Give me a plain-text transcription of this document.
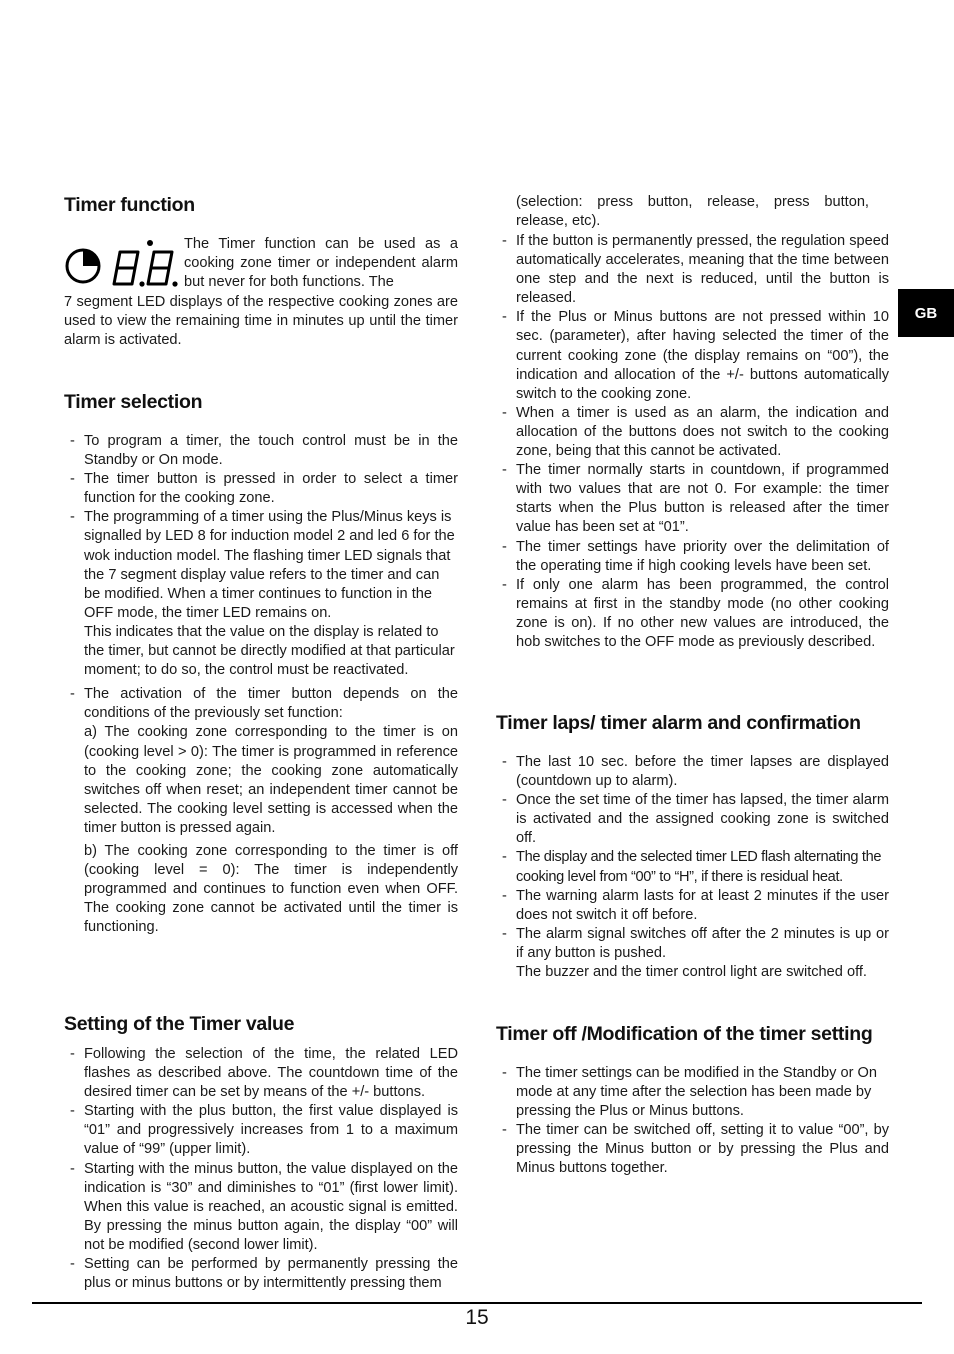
Timer function

The Timer function can be used as a cooking zone timer or independent alarm but never for both functions. The

7 segment LED displays of the respective cooking zones are used to view the remaining time in minutes up until the timer alarm is activated.

Timer selection

- To program a timer, the touch control must be in the Standby or On mode.

- The timer button is pressed in order to select a timer function for the cooking zone.

- The programming of a timer using the Plus/Minus keys is signalled by LED 8 for induction model 2 and led 6 for the wok induction model. The flashing timer LED signals that the 7 segment display value refers to the timer and can be modified. When a timer continues to function in the OFF mode, the timer LED remains on.

This indicates that the value on the display is related to the timer, but cannot be directly modified at that particular moment; to do so, the control must be reactivated.

- The activation of the timer button depends on the conditions of the previously set function:

a) The cooking zone corresponding to the timer is on (cooking level > 0): The timer is programmed in reference to the cooking zone; the cooking zone automatically switches off when reset; an independent timer cannot be selected. The cooking level setting is accessed when the timer button is pressed again.

b) The cooking zone corresponding to the timer is off (cooking level = 0): The timer is independently programmed and continues to function even when OFF. The cooking zone cannot be activated until the timer is functioning.

Setting of the Timer value

- Following the selection of the time, the related LED flashes as described above. The countdown time of the desired timer can be set by means of the +/- buttons.

- Starting with the plus button, the first value displayed is “01” and progressively increases from 1 to a maximum value of “99” (upper limit).

- Starting with the minus button, the value displayed on the indication is “30” and diminishes to “01” (first lower limit). When this value is reached, an acoustic signal is emitted. By pressing the minus button again, the display “00” will not be modified (second lower limit).

- Setting can be performed by permanently pressing the plus or minus buttons or by intermittently pressing them

(selection: press button, release, press button, release, etc).

- If the button is permanently pressed, the regulation speed automatically accelerates, meaning that the time between one step and the next is reduced, until the button is released.

- If the Plus or Minus buttons are not pressed within 10 sec. (parameter), after having selected the timer of the current cooking zone (the display remains on “00”), the indication and allocation of the +/- buttons automatically switch to the cooking zone.

- When a timer is used as an alarm, the indication and allocation of the buttons does not switch to the cooking zone, being that this cannot be activated.

- The timer normally starts in countdown, if programmed with two values that are not 0. For example: the timer starts when the Plus button is released after the timer value has been set at “01”.

- The timer settings have priority over the delimitation of the operating time if high cooking levels have been set.

- If only one alarm has been programmed, the control remains at first in the standby mode (no other cooking zone is on). If no other new values are introduced, the hob switches to the OFF mode as previously described.

Timer laps/ timer alarm and confirmation

- The last 10 sec. before the timer lapses are displayed (countdown up to alarm).

- Once the set time of the timer has lapsed, the timer alarm is activated and the assigned cooking zone is switched off.

- The display and the selected timer LED flash alternating the cooking level from “00” to “H”, if there is residual heat.

- The warning alarm lasts for at least 2 minutes if the user does not switch it off before.

- The alarm signal switches off after the 2 minutes is up or if any button is pushed.

The buzzer and the timer control light are switched off.

Timer off /Modification of the timer setting

- The timer settings can be modified in the Standby or On mode at any time after the selection has been made by pressing the Plus or Minus buttons.

- The timer can be switched off, setting it to value “00”, by pressing the Minus button or by pressing the Plus and Minus buttons together.

GB
15
